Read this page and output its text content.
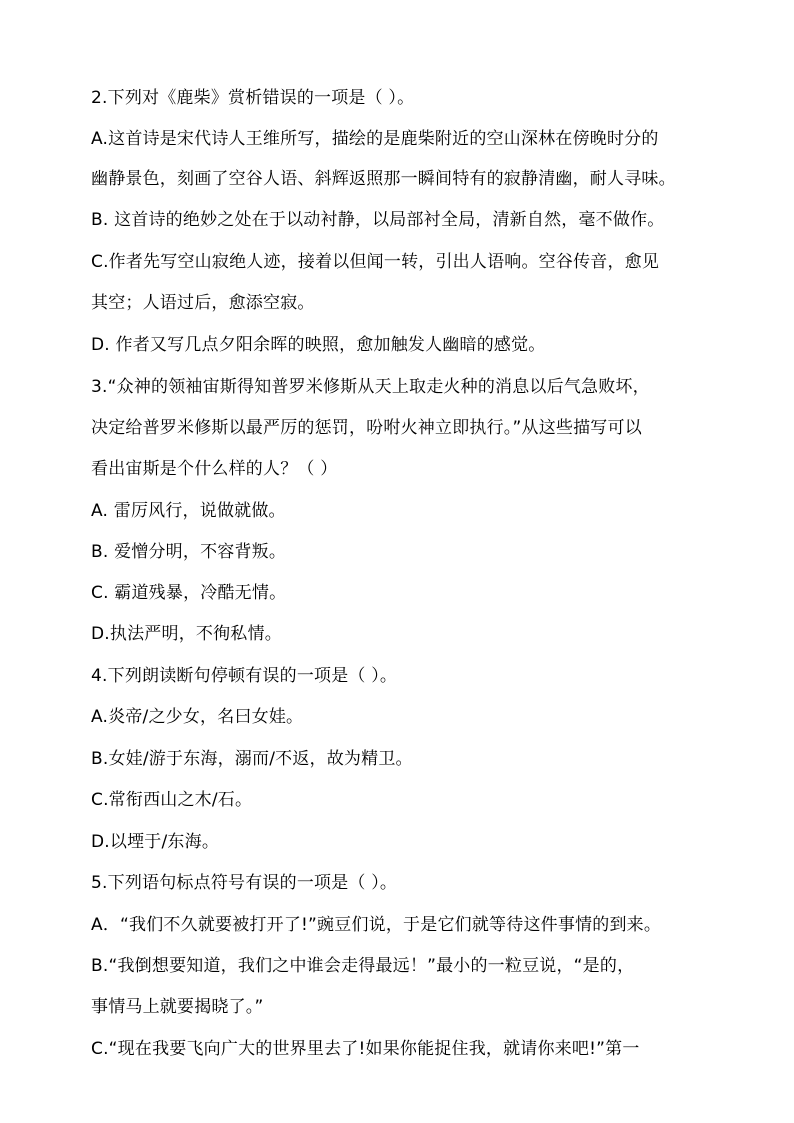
2.下列对《鹿柴》赏析错误的一项是（ ）。
A.这首诗是宋代诗人王维所写，描绘的是鹿柴附近的空山深林在傍晚时分的
幽静景色，刻画了空谷人语、斜辉返照那一瞬间特有的寂静清幽，耐人寻味。
B. 这首诗的绝妙之处在于以动衬静，以局部衬全局，清新自然，毫不做作。
C.作者先写空山寂绝人迹，接着以但闻一转，引出人语响。空谷传音，愈见
其空；人语过后，愈添空寂。
D. 作者又写几点夕阳余晖的映照，愈加触发人幽暗的感觉。
3.“众神的领袖宙斯得知普罗米修斯从天上取走火种的消息以后气急败坏，
决定给普罗米修斯以最严厉的惩罚，吩咐火神立即执行。”从这些描写可以
看出宙斯是个什么样的人？（ ）
A. 雷厉风行，说做就做。
B. 爱憎分明，不容背叛。
C. 霸道残暴，冷酷无情。
D.执法严明，不徇私情。
4.下列朗读断句停顿有误的一项是（ ）。
A.炎帝/之少女，名曰女娃。
B.女娃/游于东海，溺而/不返，故为精卫。
C.常衔西山之木/石。
D.以堙于/东海。
5.下列语句标点符号有误的一项是（ ）。
A．“我们不久就要被打开了!”豌豆们说，于是它们就等待这件事情的到来。
B.“我倒想要知道，我们之中谁会走得最远！”最小的一粒豆说，“是的，
事情马上就要揭晓了。”
C.“现在我要飞向广大的世界里去了!如果你能捉住我，就请你来吧!”第一
